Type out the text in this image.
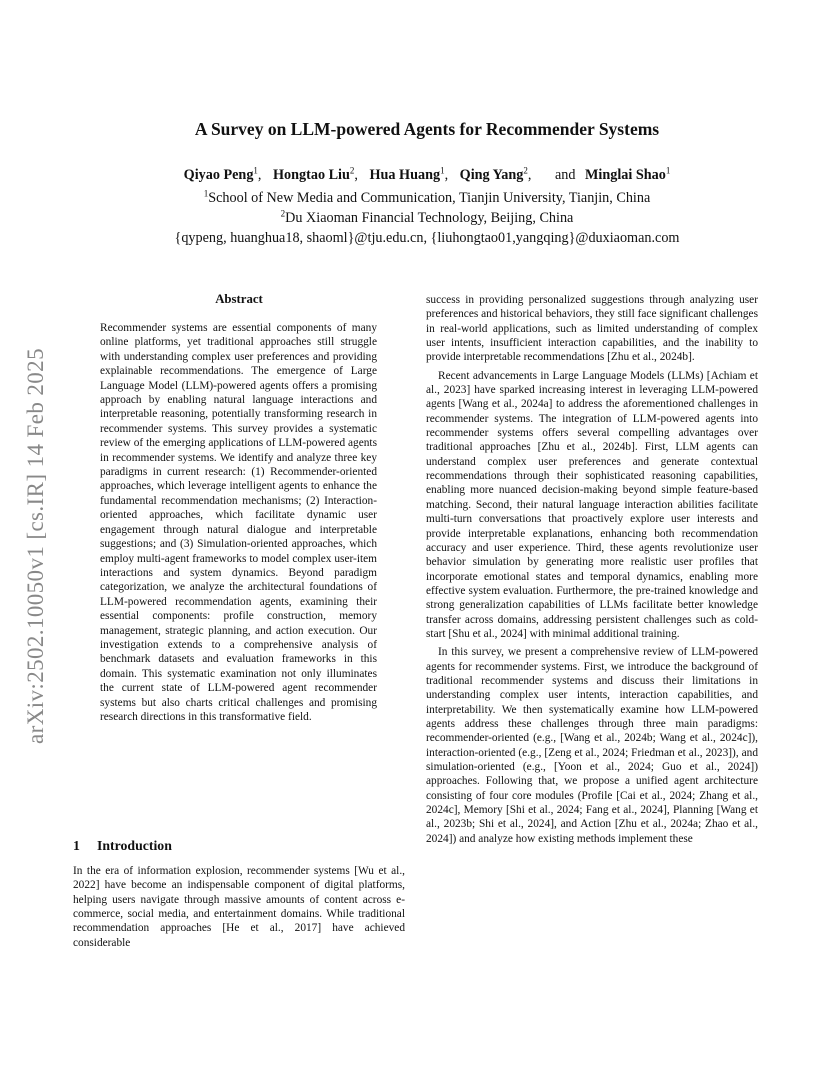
arXiv:2502.10050v1 [cs.IR] 14 Feb 2025
A Survey on LLM-powered Agents for Recommender Systems
Qiyao Peng$^1$, Hongtao Liu$^2$, Hua Huang$^1$, Qing Yang$^2$, and Minglai Shao$^1$
$^1$School of New Media and Communication, Tianjin University, Tianjin, China
$^2$Du Xiaoman Financial Technology, Beijing, China
{qypeng, huanghua18, shaoml}@tju.edu.cn, {liuhongtao01,yangqing}@duxiaoman.com
Abstract
Recommender systems are essential components of many online platforms, yet traditional approaches still struggle with understanding complex user preferences and providing explainable recommendations. The emergence of Large Language Model (LLM)-powered agents offers a promising approach by enabling natural language interactions and interpretable reasoning, potentially transforming research in recommender systems. This survey provides a systematic review of the emerging applications of LLM-powered agents in recommender systems. We identify and analyze three key paradigms in current research: (1) Recommender-oriented approaches, which leverage intelligent agents to enhance the fundamental recommendation mechanisms; (2) Interaction-oriented approaches, which facilitate dynamic user engagement through natural dialogue and interpretable suggestions; and (3) Simulation-oriented approaches, which employ multi-agent frameworks to model complex user-item interactions and system dynamics. Beyond paradigm categorization, we analyze the architectural foundations of LLM-powered recommendation agents, examining their essential components: profile construction, memory management, strategic planning, and action execution. Our investigation extends to a comprehensive analysis of benchmark datasets and evaluation frameworks in this domain. This systematic examination not only illuminates the current state of LLM-powered agent recommender systems but also charts critical challenges and promising research directions in this transformative field.
1 Introduction
In the era of information explosion, recommender systems [Wu et al., 2022] have become an indispensable component of digital platforms, helping users navigate through massive amounts of content across e-commerce, social media, and entertainment domains. While traditional recommendation approaches [He et al., 2017] have achieved considerable

success in providing personalized suggestions through analyzing user preferences and historical behaviors, they still face significant challenges in real-world applications, such as limited understanding of complex user intents, insufficient interaction capabilities, and the inability to provide interpretable recommendations [Zhu et al., 2024b].

Recent advancements in Large Language Models (LLMs) [Achiam et al., 2023] have sparked increasing interest in leveraging LLM-powered agents [Wang et al., 2024a] to address the aforementioned challenges in recommender systems. The integration of LLM-powered agents into recommender systems offers several compelling advantages over traditional approaches [Zhu et al., 2024b]. First, LLM agents can understand complex user preferences and generate contextual recommendations through their sophisticated reasoning capabilities, enabling more nuanced decision-making beyond simple feature-based matching. Second, their natural language interaction abilities facilitate multi-turn conversations that proactively explore user interests and provide interpretable explanations, enhancing both recommendation accuracy and user experience. Third, these agents revolutionize user behavior simulation by generating more realistic user profiles that incorporate emotional states and temporal dynamics, enabling more effective system evaluation. Furthermore, the pre-trained knowledge and strong generalization capabilities of LLMs facilitate better knowledge transfer across domains, addressing persistent challenges such as cold-start [Shu et al., 2024] with minimal additional training.

In this survey, we present a comprehensive review of LLM-powered agents for recommender systems. First, we introduce the background of traditional recommender systems and discuss their limitations in understanding complex user intents, interaction capabilities, and interpretability. We then systematically examine how LLM-powered agents address these challenges through three main paradigms: recommender-oriented (e.g., [Wang et al., 2024b; Wang et al., 2024c]), interaction-oriented (e.g., [Zeng et al., 2024; Friedman et al., 2023]), and simulation-oriented (e.g., [Yoon et al., 2024; Guo et al., 2024]) approaches. Following that, we propose a unified agent architecture consisting of four core modules (Profile [Cai et al., 2024; Zhang et al., 2024c], Memory [Shi et al., 2024; Fang et al., 2024], Planning [Wang et al., 2023b; Shi et al., 2024], and Action [Zhu et al., 2024a; Zhao et al., 2024]) and analyze how existing methods implement these
